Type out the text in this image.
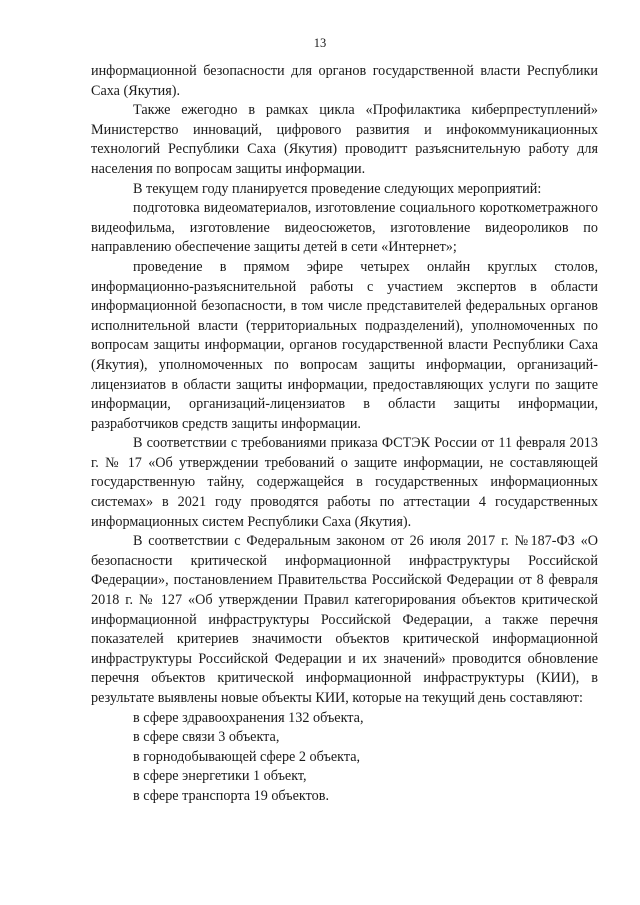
13

информационной безопасности для органов государственной власти Республики Саха (Якутия).

Также ежегодно в рамках цикла «Профилактика киберпреступлений» Министерство инноваций, цифрового развития и инфокоммуникационных технологий Республики Саха (Якутия) проводитт разъяснительную работу для населения по вопросам защиты информации.

В текущем году планируется проведение следующих мероприятий:

подготовка видеоматериалов, изготовление социального короткометражного видеофильма, изготовление видеосюжетов, изготовление видеороликов по направлению обеспечение защиты детей в сети «Интернет»;

проведение в прямом эфире четырех онлайн круглых столов, информационно-разъяснительной работы с участием экспертов в области информационной безопасности, в том числе представителей федеральных органов исполнительной власти (территориальных подразделений), уполномоченных по вопросам защиты информации, органов государственной власти Республики Саха (Якутия), уполномоченных по вопросам защиты информации, организаций-лицензиатов в области защиты информации, предоставляющих услуги по защите информации, организаций-лицензиатов в области защиты информации, разработчиков средств защиты информации.

В соответствии с требованиями приказа ФСТЭК России от 11 февраля 2013 г. № 17 «Об утверждении требований о защите информации, не составляющей государственную тайну, содержащейся в государственных информационных системах» в 2021 году проводятся работы по аттестации 4 государственных информационных систем Республики Саха (Якутия).

В соответствии с Федеральным законом от 26 июля 2017 г. №187-ФЗ «О безопасности критической информационной инфраструктуры Российской Федерации», постановлением Правительства Российской Федерации от 8 февраля 2018 г. № 127 «Об утверждении Правил категорирования объектов критической информационной инфраструктуры Российской Федерации, а также перечня показателей критериев значимости объектов критической информационной инфраструктуры Российской Федерации и их значений» проводится обновление перечня объектов критической информационной инфраструктуры (КИИ), в результате выявлены новые объекты КИИ, которые на текущий день составляют:

в сфере здравоохранения 132 объекта,

в сфере связи 3 объекта,

в горнодобывающей сфере 2 объекта,

в сфере энергетики 1 объект,

в сфере транспорта 19 объектов.
